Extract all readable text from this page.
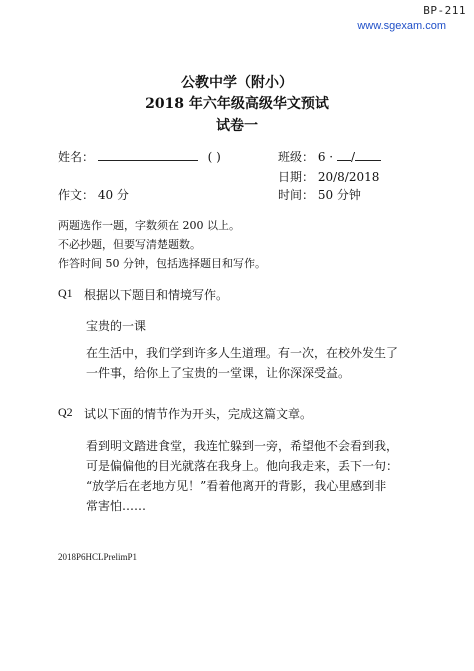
BP-211
www.sgexam.com
公教中学（附小）
2018 年六年级高级华文预试
试卷一
姓名：	( )	班级： 6 · /
日期： 20/8/2018
作文： 40 分	时间： 50 分钟
两题选作一题，字数须在 200 以上。
不必抄题，但要写清楚题数。
作答时间 50 分钟，包括选择题目和写作。
Q1 根据以下题目和情境写作。
宝贵的一课
在生活中，我们学到许多人生道理。有一次，在校外发生了
一件事，给你上了宝贵的一堂课，让你深深受益。
Q2 试以下面的情节作为开头，完成这篇文章。
看到明文踏进食堂，我连忙躲到一旁，希望他不会看到我，
可是偏偏他的目光就落在我身上。他向我走来，丢下一句：
“放学后在老地方见！”看着他离开的背影，我心里感到非
常害怕……
2018P6HCLPrelimP1
